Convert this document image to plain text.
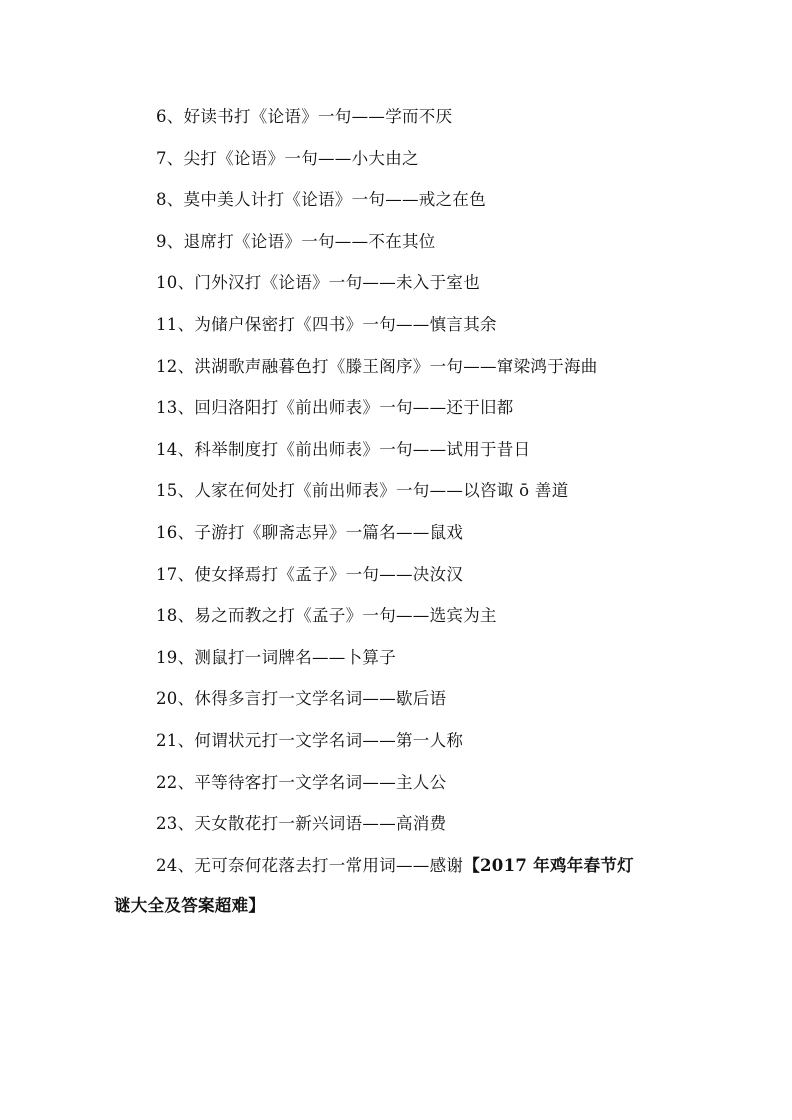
6、好读书打《论语》一句——学而不厌
7、尖打《论语》一句——小大由之
8、莫中美人计打《论语》一句——戒之在色
9、退席打《论语》一句——不在其位
10、门外汉打《论语》一句——未入于室也
11、为储户保密打《四书》一句——慎言其余
12、洪湖歌声融暮色打《滕王阁序》一句——窜梁鸿于海曲
13、回归洛阳打《前出师表》一句——还于旧都
14、科举制度打《前出师表》一句——试用于昔日
15、人家在何处打《前出师表》一句——以咨诹 ō 善道
16、子游打《聊斋志异》一篇名——鼠戏
17、使女择焉打《孟子》一句——决汝汉
18、易之而教之打《孟子》一句——选宾为主
19、测鼠打一词牌名——卜算子
20、休得多言打一文学名词——歇后语
21、何谓状元打一文学名词——第一人称
22、平等待客打一文学名词——主人公
23、天女散花打一新兴词语——高消费
24、无可奈何花落去打一常用词——感谢【2017 年鸡年春节灯
谜大全及答案超难】
